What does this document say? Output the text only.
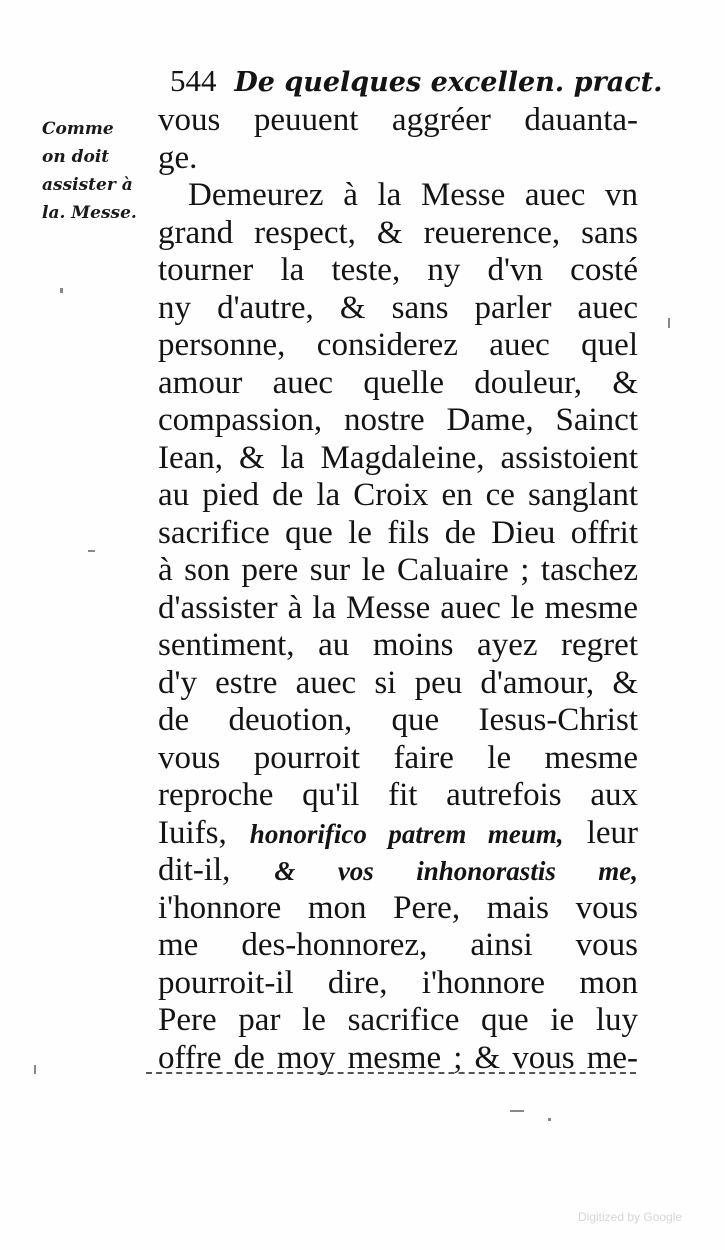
544 De quelques excellen. pract.
Comme
on doit
assister à
la. Messe.
vous peuuent aggréer dauanta-
ge.
Demeurez à la Messe auec vn
grand respect, & reuerence, sans
tourner la teste, ny d'vn costé
ny d'autre, & sans parler auec
personne, considerez auec quel
amour auec quelle douleur, &
compassion, nostre Dame, Sainct
Iean, & la Magdaleine, assistoient
au pied de la Croix en ce sanglant
sacrifice que le fils de Dieu offrit
à son pere sur le Caluaire ; taschez
d'assister à la Messe auec le mesme
sentiment, au moins ayez regret
d'y estre auec si peu d'amour, &
de deuotion, que Iesus-Christ
vous pourroit faire le mesme
reproche qu'il fit autrefois aux
Iuifs, honorifico patrem meum, leur
dit-il, & vos inhonorastis me,
i'honnore mon Pere, mais vous
me des-honnorez, ainsi vous
pourroit-il dire, i'honnore mon
Pere par le sacrifice que ie luy
offre de moy mesme ; & vous me-
Digitized by Google
